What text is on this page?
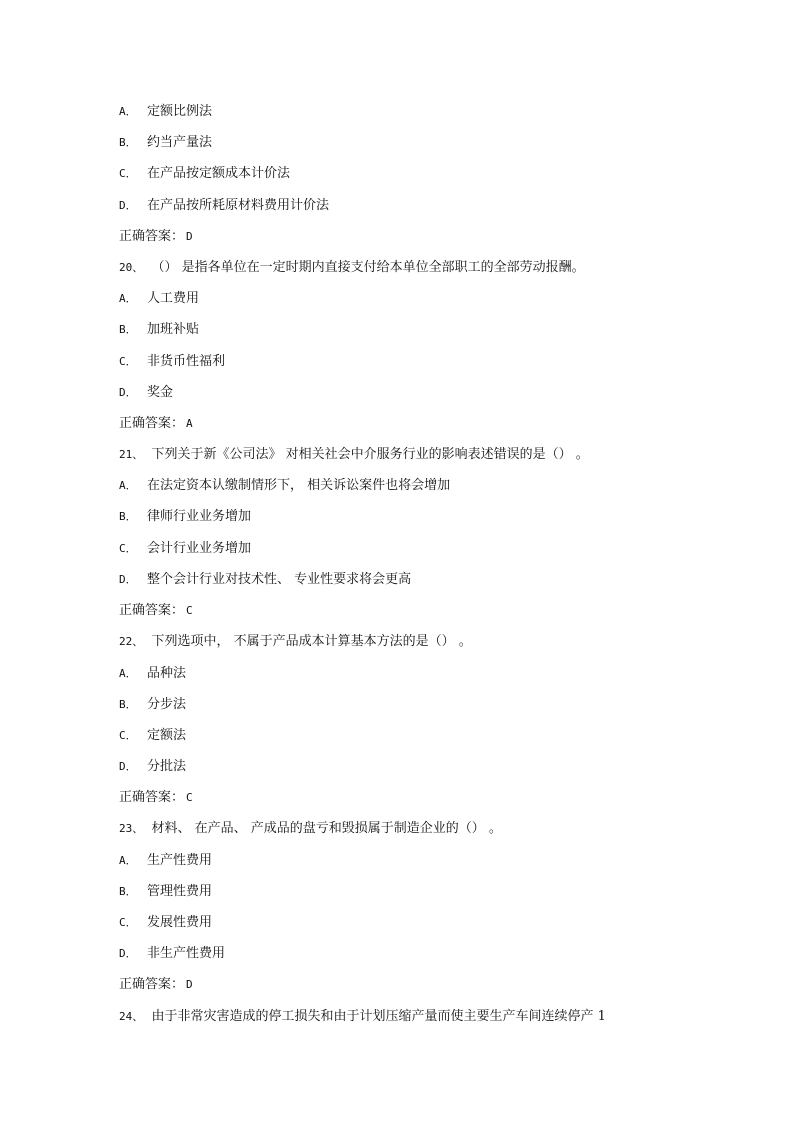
A． 定额比例法
B． 约当产量法
C． 在产品按定额成本计价法
D． 在产品按所耗原材料费用计价法
正确答案： D
20、 （） 是指各单位在一定时期内直接支付给本单位全部职工的全部劳动报酬。
A． 人工费用
B． 加班补贴
C． 非货币性福利
D． 奖金
正确答案： A
21、 下列关于新《公司法》 对相关社会中介服务行业的影响表述错误的是（） 。
A． 在法定资本认缴制情形下， 相关诉讼案件也将会增加
B． 律师行业业务增加
C． 会计行业业务增加
D． 整个会计行业对技术性、 专业性要求将会更高
正确答案： C
22、 下列选项中， 不属于产品成本计算基本方法的是（） 。
A． 品种法
B． 分步法
C． 定额法
D． 分批法
正确答案： C
23、 材料、 在产品、 产成品的盘亏和毁损属于制造企业的（） 。
A． 生产性费用
B． 管理性费用
C． 发展性费用
D． 非生产性费用
正确答案： D
24、 由于非常灾害造成的停工损失和由于计划压缩产量而使主要生产车间连续停产 1
